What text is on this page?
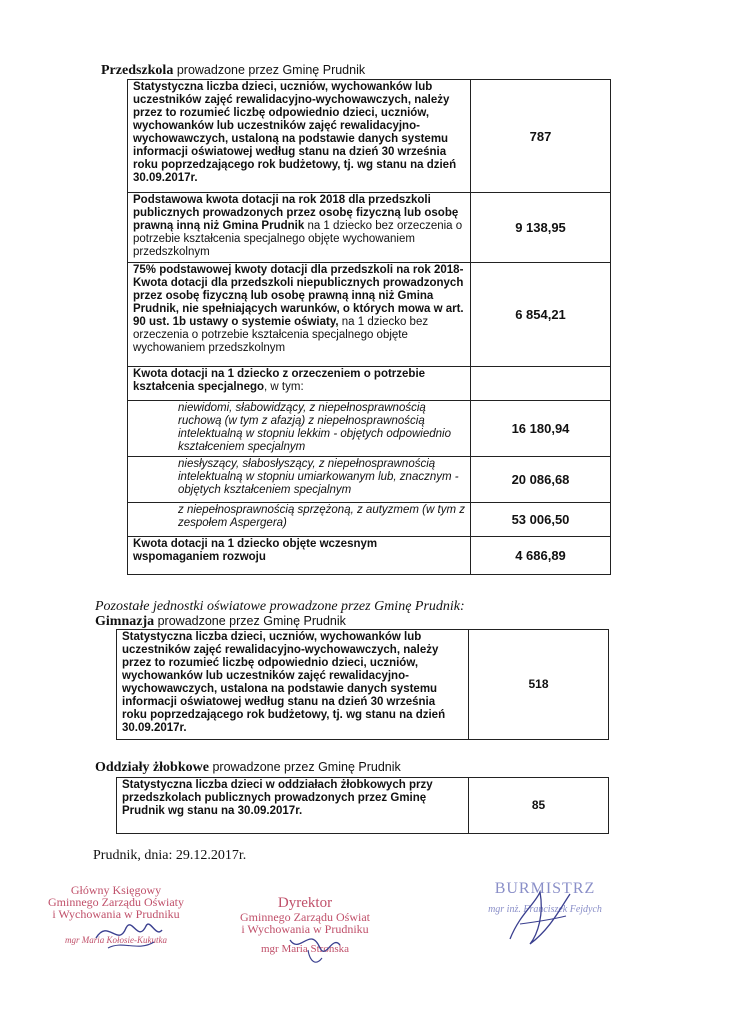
Przedszkola prowadzone przez Gminę Prudnik
Statystyczna liczba dzieci, uczniów, wychowanków lub uczestników zajęć rewalidacyjno-wychowawczych, należy przez to rozumieć liczbę odpowiednio dzieci, uczniów, wychowanków lub uczestników zajęć rewalidacyjno-wychowawczych, ustaloną na podstawie danych systemu informacji oświatowej według stanu na dzień 30 września roku poprzedzającego rok budżetowy, tj. wg stanu na dzień 30.09.2017r.	787
Podstawowa kwota dotacji na rok 2018 dla przedszkoli publicznych prowadzonych przez osobę fizyczną lub osobę prawną inną niż Gmina Prudnik na 1 dziecko bez orzeczenia o potrzebie kształcenia specjalnego objęte wychowaniem przedszkolnym	9 138,95
75% podstawowej kwoty dotacji dla przedszkoli na rok 2018- Kwota dotacji dla przedszkoli niepublicznych prowadzonych przez osobę fizyczną lub osobę prawną inną niż Gmina Prudnik, nie spełniających warunków, o których mowa w art. 90 ust. 1b ustawy o systemie oświaty, na 1 dziecko bez orzeczenia o potrzebie kształcenia specjalnego objęte wychowaniem przedszkolnym	6 854,21
Kwota dotacji na 1 dziecko z orzeczeniem o potrzebie kształcenia specjalnego, w tym:	
niewidomi, słabowidzący, z niepełnosprawnością ruchową (w tym z afazją) z niepełnosprawnością intelektualną w stopniu lekkim - objętych odpowiednio kształceniem specjalnym	16 180,94
niesłyszący, słabosłyszący, z niepełnosprawnością intelektualną w stopniu umiarkowanym lub, znacznym - objętych kształceniem specjalnym	20 086,68
z niepełnosprawnością sprzężoną, z autyzmem (w tym z zespołem Aspergera)	53 006,50
Kwota dotacji na 1 dziecko objęte wczesnym wspomaganiem rozwoju	4 686,89
Pozostałe jednostki oświatowe prowadzone przez Gminę Prudnik:
Gimnazja prowadzone przez Gminę Prudnik
Statystyczna liczba dzieci, uczniów, wychowanków lub uczestników zajęć rewalidacyjno-wychowawczych, należy przez to rozumieć liczbę odpowiednio dzieci, uczniów, wychowanków lub uczestników zajęć rewalidacyjno-wychowawczych, ustalona na podstawie danych systemu informacji oświatowej według stanu na dzień 30 września roku poprzedzającego rok budżetowy, tj. wg stanu na dzień 30.09.2017r.	518
Oddziały żłobkowe prowadzone przez Gminę Prudnik
Statystyczna liczba dzieci w oddziałach żłobkowych przy przedszkolach publicznych prowadzonych przez Gminę Prudnik wg stanu na 30.09.2017r.	85
Prudnik, dnia: 29.12.2017r.
Główny Księgowy
Gminnego Zarządu Oświaty
i Wychowania w Prudniku
mgr Maria Kołosie-Kukutka
Dyrektor
Gminnego Zarządu Oświat
i Wychowania w Prudniku
mgr Maria Stronska
BURMISTRZ
mgr inż. Franciszek Fejdych
